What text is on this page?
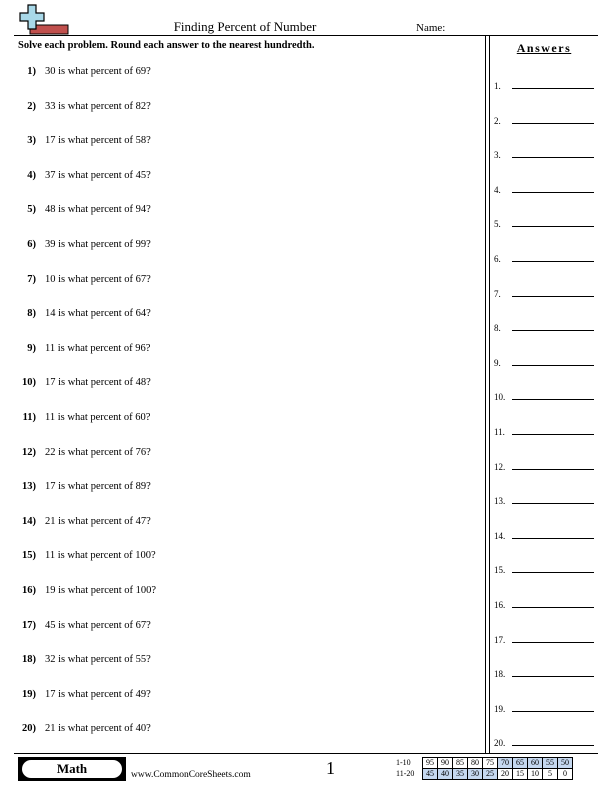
Finding Percent of Number	Name:
Solve each problem. Round each answer to the nearest hundredth.	Answers
1) 30 is what percent of 69?
2) 33 is what percent of 82?
3) 17 is what percent of 58?
4) 37 is what percent of 45?
5) 48 is what percent of 94?
6) 39 is what percent of 99?
7) 10 is what percent of 67?
8) 14 is what percent of 64?
9) 11 is what percent of 96?
10) 17 is what percent of 48?
11) 11 is what percent of 60?
12) 22 is what percent of 76?
13) 17 is what percent of 89?
14) 21 is what percent of 47?
15) 11 is what percent of 100?
16) 19 is what percent of 100?
17) 45 is what percent of 67?
18) 32 is what percent of 55?
19) 17 is what percent of 49?
20) 21 is what percent of 40?
1.
2.
3.
4.
5.
6.
7.
8.
9.
10.
11.
12.
13.
14.
15.
16.
17.
18.
19.
20.
Math	www.CommonCoreSheets.com	1	1-10	95	90	85	80	75	70	65	60	55	50
11-20	45	40	35	30	25	20	15	10	5	0
